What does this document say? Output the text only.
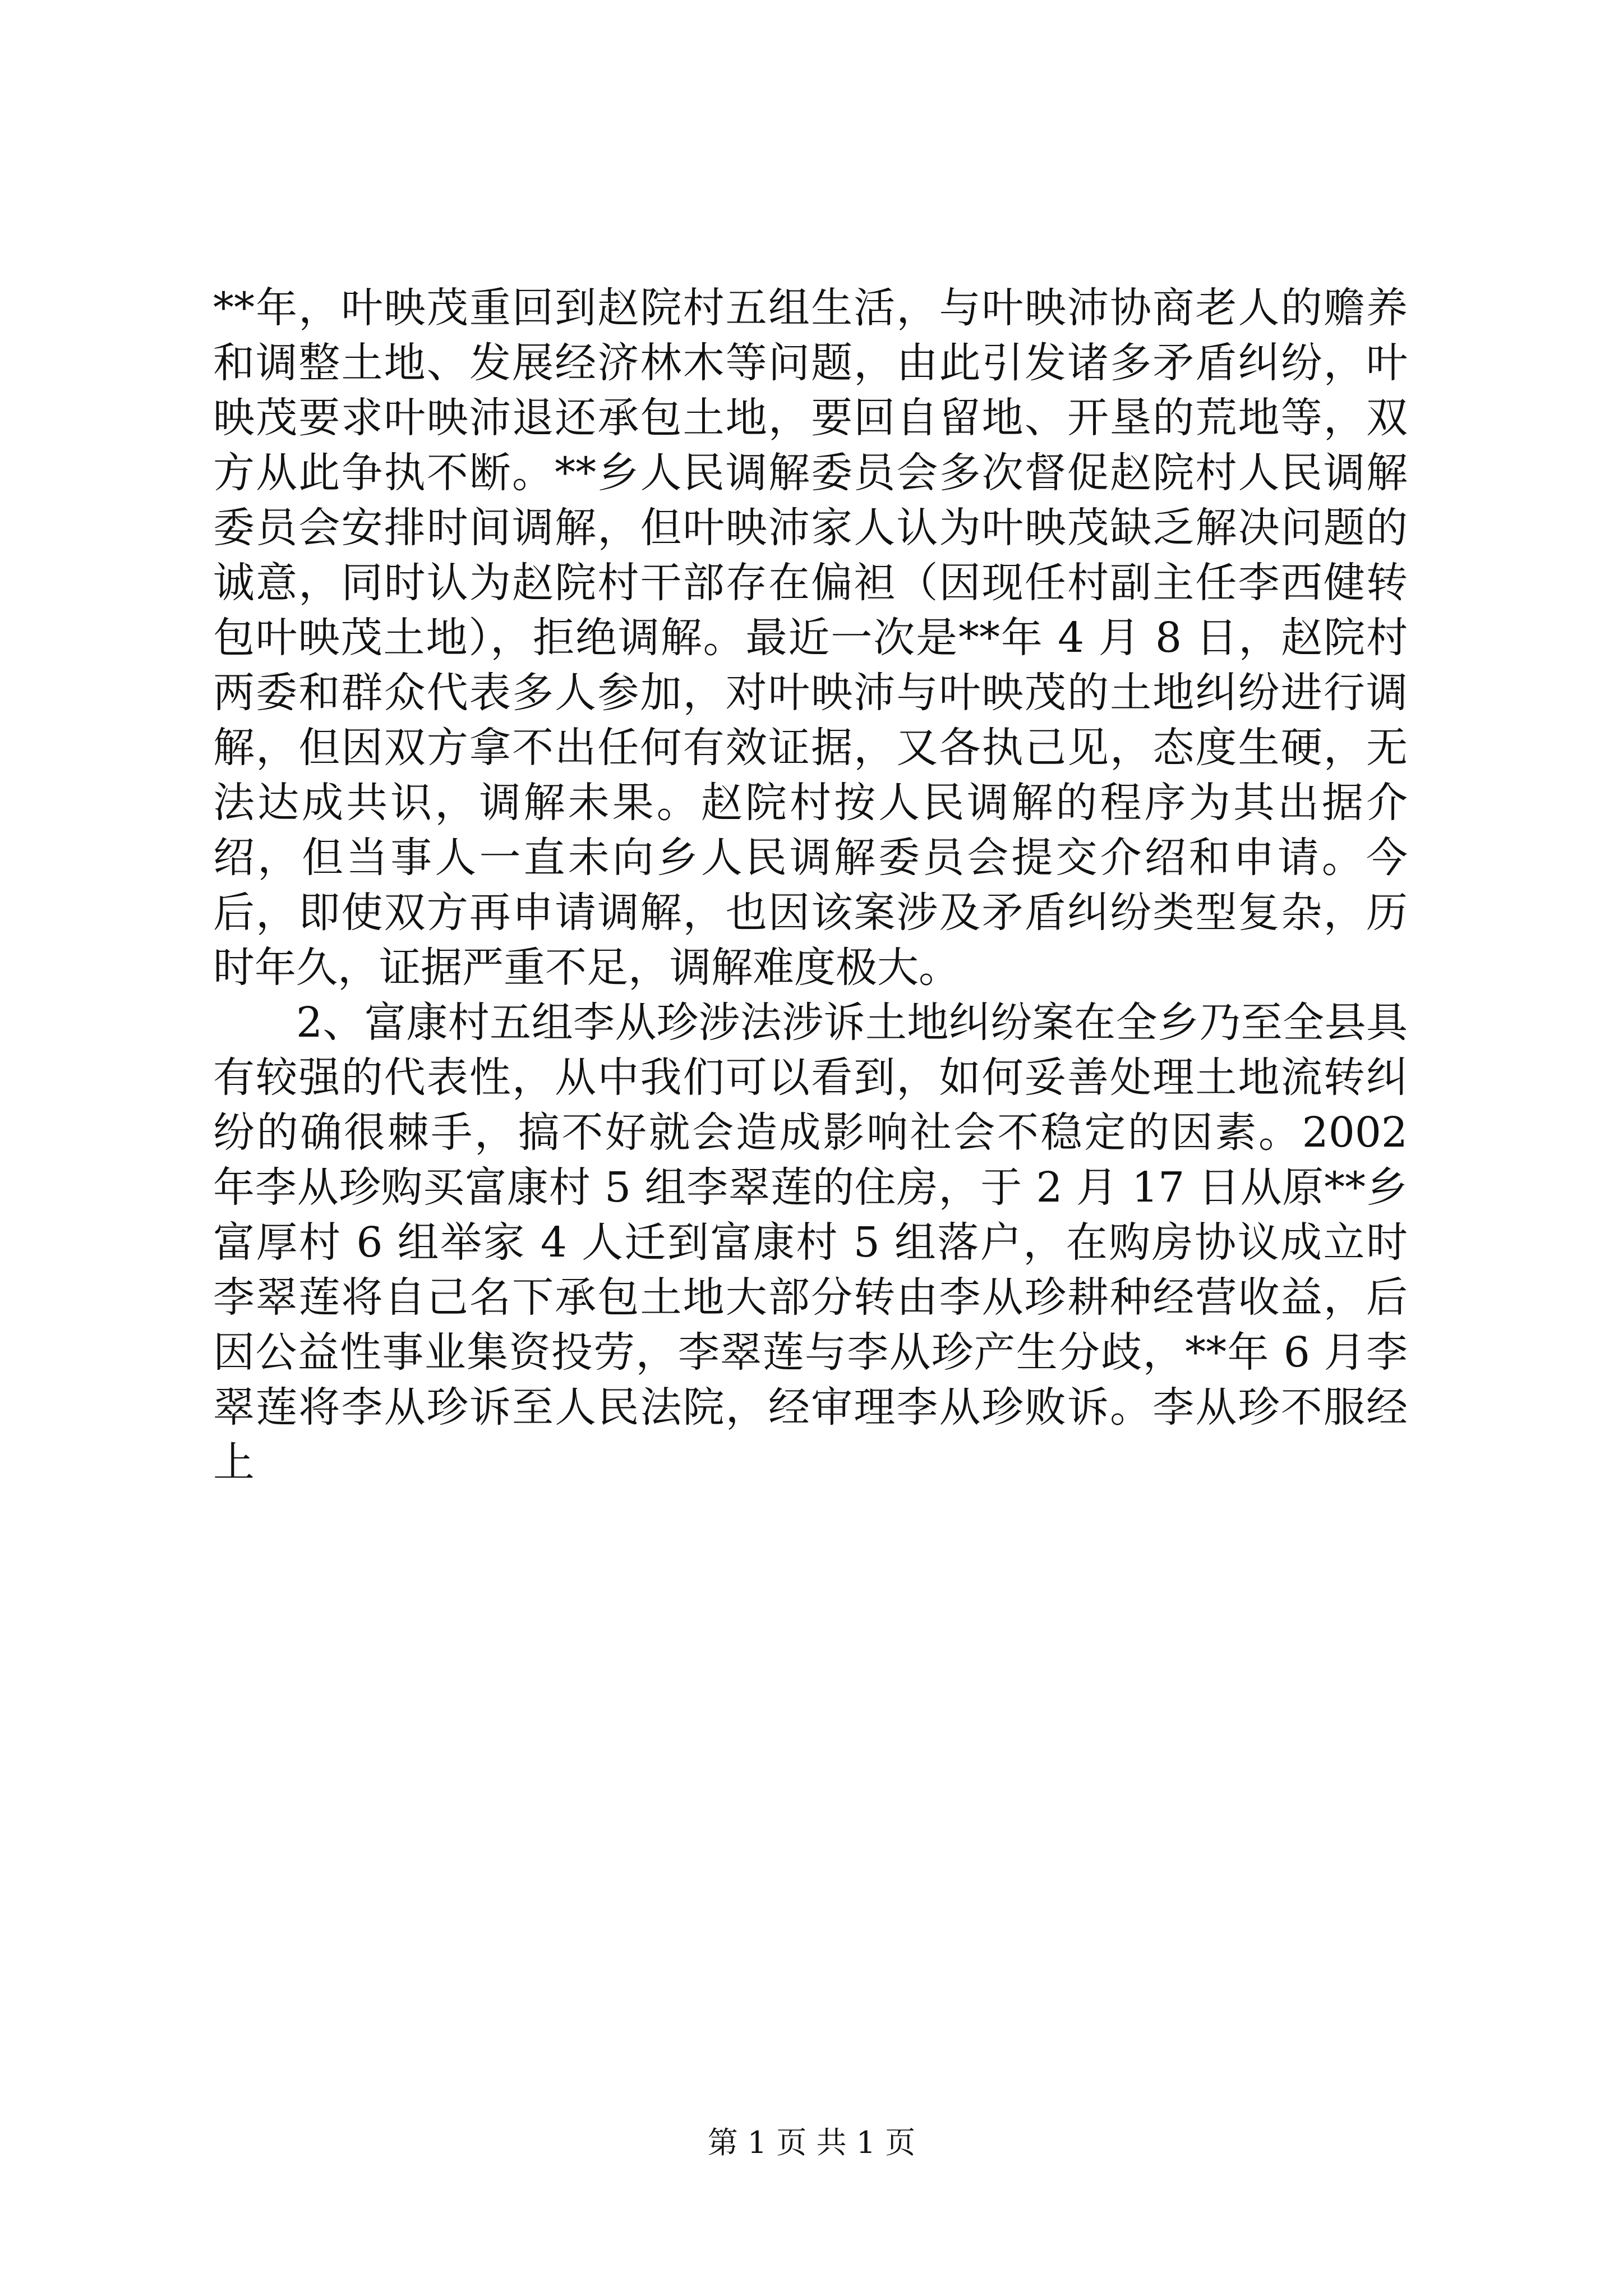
**年，叶映茂重回到赵院村五组生活，与叶映沛协商老人的赡养和调整土地、发展经济林木等问题，由此引发诸多矛盾纠纷，叶映茂要求叶映沛退还承包土地，要回自留地、开垦的荒地等，双方从此争执不断。**乡人民调解委员会多次督促赵院村人民调解委员会安排时间调解，但叶映沛家人认为叶映茂缺乏解决问题的诚意，同时认为赵院村干部存在偏袒（因现任村副主任李西健转包叶映茂土地），拒绝调解。最近一次是**年 4 月 8 日，赵院村两委和群众代表多人参加，对叶映沛与叶映茂的土地纠纷进行调解，但因双方拿不出任何有效证据，又各执己见，态度生硬，无法达成共识，调解未果。赵院村按人民调解的程序为其出据介绍，但当事人一直未向乡人民调解委员会提交介绍和申请。今后，即使双方再申请调解，也因该案涉及矛盾纠纷类型复杂，历时年久，证据严重不足，调解难度极大。

2、富康村五组李从珍涉法涉诉土地纠纷案在全乡乃至全县具有较强的代表性，从中我们可以看到，如何妥善处理土地流转纠纷的确很棘手，搞不好就会造成影响社会不稳定的因素。2002 年李从珍购买富康村 5 组李翠莲的住房，于 2 月 17 日从原**乡富厚村 6 组举家 4 人迁到富康村 5 组落户，在购房协议成立时李翠莲将自己名下承包土地大部分转由李从珍耕种经营收益，后因公益性事业集资投劳，李翠莲与李从珍产生分歧，**年 6 月李翠莲将李从珍诉至人民法院，经审理李从珍败诉。李从珍不服经上

第 1 页 共 1 页
